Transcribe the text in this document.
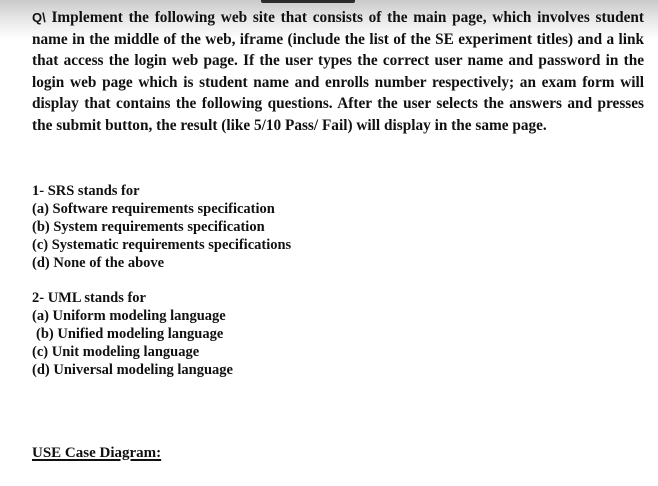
Q\ Implement the following web site that consists of the main page, which involves student name in the middle of the web, iframe (include the list of the SE experiment titles) and a link that access the login web page. If the user types the correct user name and password in the login web page which is student name and enrolls number respectively; an exam form will display that contains the following questions. After the user selects the answers and presses the submit button, the result (like 5/10 Pass/ Fail) will display in the same page.
1- SRS stands for
(a) Software requirements specification
(b) System requirements specification
(c) Systematic requirements specifications
(d) None of the above
2- UML stands for
(a) Uniform modeling language
(b) Unified modeling language
(c) Unit modeling language
(d) Universal modeling language
USE Case Diagram:
